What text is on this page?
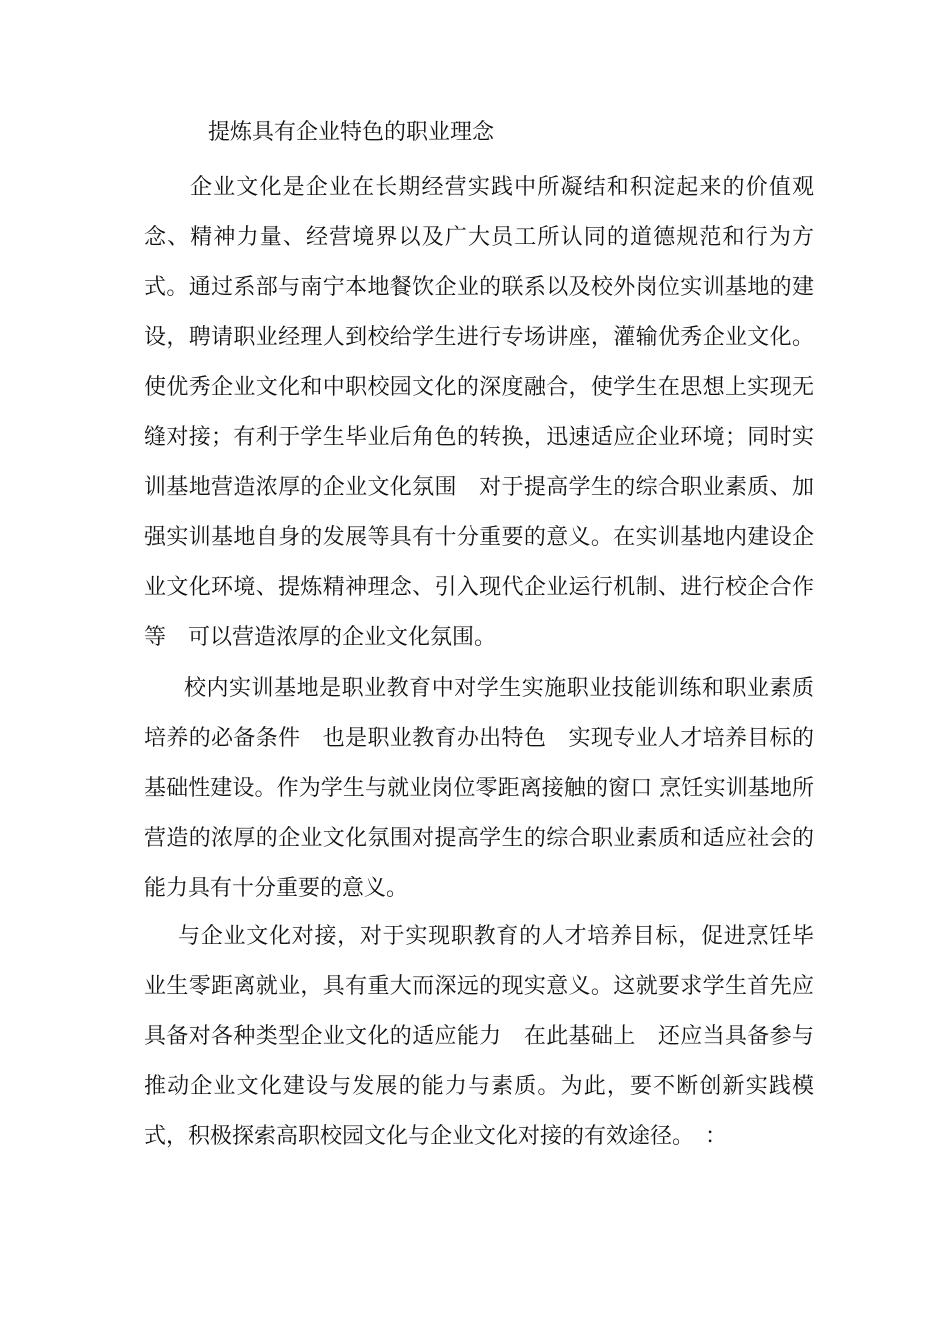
提炼具有企业特色的职业理念

企业文化是企业在长期经营实践中所凝结和积淀起来的价值观念、精神力量、经营境界以及广大员工所认同的道德规范和行为方式。通过系部与南宁本地餐饮企业的联系以及校外岗位实训基地的建设，聘请职业经理人到校给学生进行专场讲座，灌输优秀企业文化。使优秀企业文化和中职校园文化的深度融合，使学生在思想上实现无缝对接；有利于学生毕业后角色的转换，迅速适应企业环境；同时实训基地营造浓厚的企业文化氛围　对于提高学生的综合职业素质、加强实训基地自身的发展等具有十分重要的意义。在实训基地内建设企业文化环境、提炼精神理念、引入现代企业运行机制、进行校企合作等　可以营造浓厚的企业文化氛围。

校内实训基地是职业教育中对学生实施职业技能训练和职业素质培养的必备条件　也是职业教育办出特色　实现专业人才培养目标的基础性建设。作为学生与就业岗位零距离接触的窗口 烹饪实训基地所营造的浓厚的企业文化氛围对提高学生的综合职业素质和适应社会的能力具有十分重要的意义。

与企业文化对接，对于实现职教育的人才培养目标，促进烹饪毕业生零距离就业，具有重大而深远的现实意义。这就要求学生首先应具备对各种类型企业文化的适应能力　在此基础上　还应当具备参与推动企业文化建设与发展的能力与素质。为此，要不断创新实践模式，积极探索高职校园文化与企业文化对接的有效途径。　：
